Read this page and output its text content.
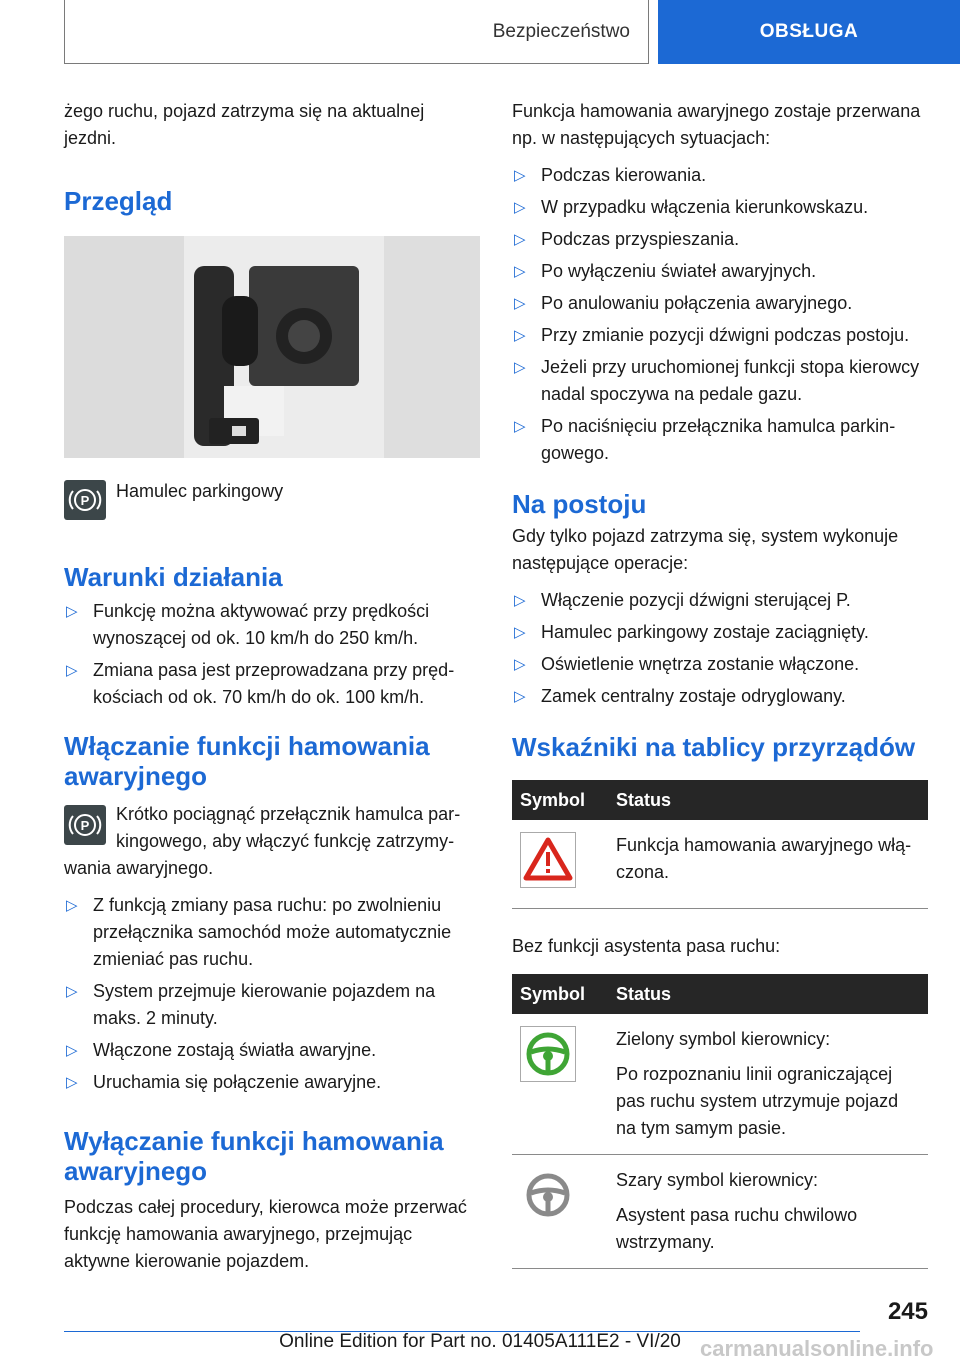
Bezpieczeństwo	OBSŁUGA

żego ruchu, pojazd zatrzyma się na aktualnej jezdni.

Przegląd
P Hamulec parkingowy
Warunki działania
▷ Funkcję można aktywować przy prędkości wynoszącej od ok. 10 km/h do 250 km/h.
▷ Zmiana pasa jest przeprowadzana przy prędkościach od ok. 70 km/h do ok. 100 km/h.
Włączanie funkcji hamowania awaryjnego
P

Krótko pociągnąć przełącznik hamulca parkingowego, aby włączyć funkcję zatrzymywania awaryjnego.

▷ Z funkcją zmiany pasa ruchu: po zwolnieniu przełącznika samochód może automatycznie zmieniać pas ruchu.
▷ System przejmuje kierowanie pojazdem na maks. 2 minuty.
▷ Włączone zostają światła awaryjne.
▷ Uruchamia się połączenie awaryjne.
Wyłączanie funkcji hamowania awaryjnego

Podczas całej procedury, kierowca może przerwać funkcję hamowania awaryjnego, przejmując aktywne kierowanie pojazdem.

Funkcja hamowania awaryjnego zostaje przerwana np. w następujących sytuacjach:

▷ Podczas kierowania.
▷ W przypadku włączenia kierunkowskazu.
▷ Podczas przyspieszania.
▷ Po wyłączeniu świateł awaryjnych.
▷ Po anulowaniu połączenia awaryjnego.
▷ Przy zmianie pozycji dźwigni podczas postoju.
▷ Jeżeli przy uruchomionej funkcji stopa kierowcy nadal spoczywa na pedale gazu.
▷ Po naciśnięciu przełącznika hamulca parkingowego.
Na postoju

Gdy tylko pojazd zatrzyma się, system wykonuje następujące operacje:

▷ Włączenie pozycji dźwigni sterującej P.
▷ Hamulec parkingowy zostaje zaciągnięty.
▷ Oświetlenie wnętrza zostanie włączone.
▷ Zamek centralny zostaje odryglowany.
Wskaźniki na tablicy przyrządów
Symbol	Status

Funkcja hamowania awaryjnego włączona.

Bez funkcji asystenta pasa ruchu:

Symbol	Status

Zielony symbol kierownicy:

Po rozpoznaniu linii ograniczającej pas ruchu system utrzymuje pojazd na tym samym pasie.

Szary symbol kierownicy:

Asystent pasa ruchu chwilowo wstrzymany.

245
Online Edition for Part no. 01405A111E2 - VI/20 carmanualsonline.info
